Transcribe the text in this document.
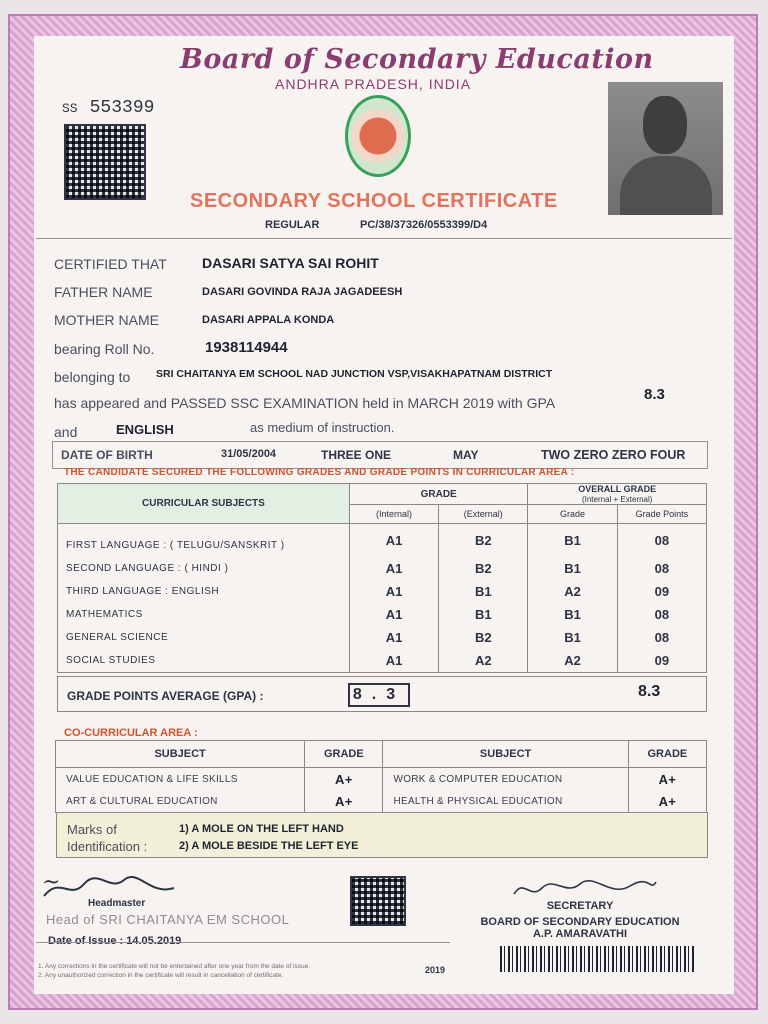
Board of Secondary Education
ANDHRA PRADESH, INDIA
SS 553399
SECONDARY SCHOOL CERTIFICATE
REGULAR	PC/38/37326/0553399/D4
CERTIFIED THAT	DASARI SATYA SAI ROHIT
FATHER NAME	DASARI GOVINDA RAJA JAGADEESH
MOTHER NAME	DASARI APPALA KONDA
bearing Roll No.	1938114944
belonging to SRI CHAITANYA EM SCHOOL NAD JUNCTION VSP,VISAKHAPATNAM DISTRICT
has appeared and PASSED SSC EXAMINATION held in MARCH 2019 with GPA	8.3
and	ENGLISH	as medium of instruction.
DATE OF BIRTH	31/05/2004	THREE ONE	MAY	TWO ZERO ZERO FOUR
THE CANDIDATE SECURED THE FOLLOWING GRADES AND GRADE POINTS IN CURRICULAR AREA :
CURRICULAR SUBJECTS	GRADE		OVERALL GRADE
(Internal + External)	
	(Internal)	(External)	Grade	Grade Points
FIRST LANGUAGE : ( TELUGU/SANSKRIT )	A1	B2	B1	08
SECOND LANGUAGE : ( HINDI )	A1	B2	B1	08
THIRD LANGUAGE : ENGLISH	A1	B1	A2	09
MATHEMATICS	A1	B1	B1	08
GENERAL SCIENCE	A1	B2	B1	08
SOCIAL STUDIES	A1	A2	A2	09
GRADE POINTS AVERAGE (GPA) :	8.3	8.3
CO-CURRICULAR AREA :
SUBJECT	GRADE	SUBJECT	GRADE
VALUE EDUCATION & LIFE SKILLS	A+	WORK & COMPUTER EDUCATION	A+
ART & CULTURAL EDUCATION	A+	HEALTH & PHYSICAL EDUCATION	A+
Marks of
Identification :
1) A MOLE ON THE LEFT HAND
2) A MOLE BESIDE THE LEFT EYE
~
Headmaster
Head of SRI CHAITANYA EM SCHOOL
Date of Issue : 14.05.2019
SECRETARY
BOARD OF SECONDARY EDUCATION
A.P. AMARAVATHI
1. Any corrections in the certificate will not be entertained after one year from the date of issue.
2. Any unauthorized correction in the certificate will result in cancellation of certificate.
2019
